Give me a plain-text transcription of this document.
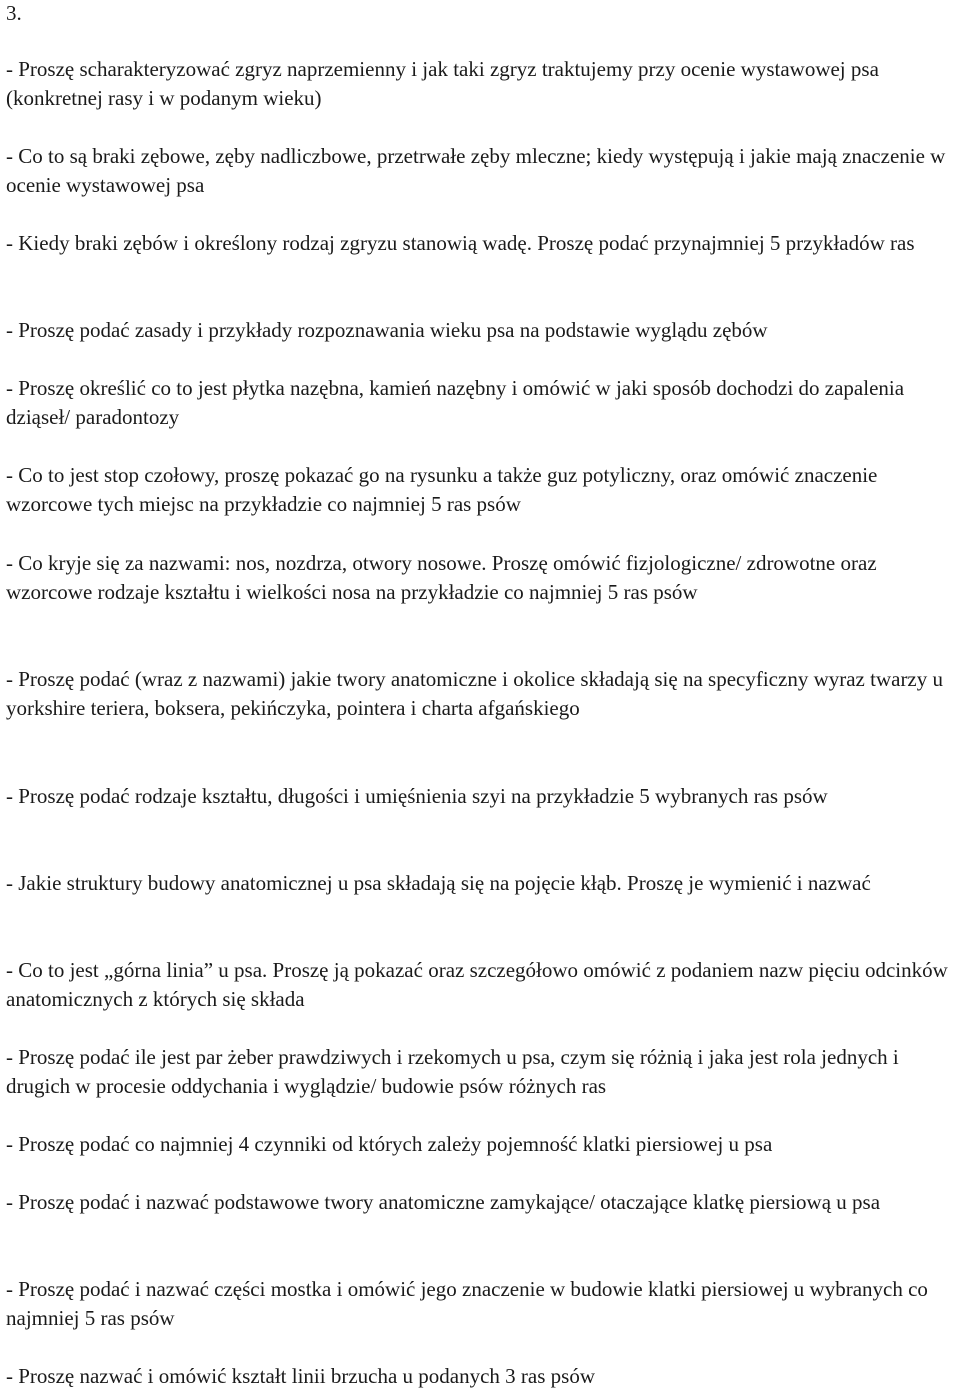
3.

- Proszę scharakteryzować zgryz naprzemienny i jak taki zgryz traktujemy przy ocenie wystawowej psa (konkretnej rasy i w podanym wieku)

- Co to są braki zębowe, zęby nadliczbowe, przetrwałe zęby mleczne; kiedy występują i jakie mają znaczenie w ocenie wystawowej psa

- Kiedy braki zębów i określony rodzaj zgryzu stanowią wadę. Proszę podać przynajmniej 5 przykładów ras

- Proszę podać zasady i przykłady rozpoznawania wieku psa na podstawie wyglądu zębów

- Proszę określić co to jest płytka nazębna, kamień nazębny i omówić w jaki sposób dochodzi do zapalenia dziąseł/ paradontozy

- Co to jest stop czołowy, proszę pokazać go na rysunku a także guz potyliczny, oraz omówić znaczenie wzorcowe tych miejsc na przykładzie co najmniej 5 ras psów

- Co kryje się za nazwami: nos, nozdrza, otwory nosowe. Proszę omówić fizjologiczne/ zdrowotne oraz wzorcowe rodzaje kształtu i wielkości nosa na przykładzie co najmniej 5 ras psów

- Proszę podać (wraz z nazwami) jakie twory anatomiczne i okolice składają się na specyficzny wyraz twarzy u yorkshire teriera, boksera, pekińczyka, pointera i charta afgańskiego

- Proszę podać rodzaje kształtu, długości i umięśnienia szyi na przykładzie 5 wybranych ras psów

- Jakie struktury budowy anatomicznej u psa składają się na pojęcie kłąb. Proszę je wymienić i nazwać

- Co to jest „górna linia” u psa. Proszę ją pokazać oraz szczegółowo omówić z podaniem nazw pięciu odcinków anatomicznych z których się składa

- Proszę podać ile jest par żeber prawdziwych i rzekomych u psa, czym się różnią i jaka jest rola jednych i drugich w procesie oddychania i wyglądzie/ budowie psów różnych ras

- Proszę podać co najmniej 4 czynniki od których zależy pojemność klatki piersiowej u psa

- Proszę podać i nazwać podstawowe twory anatomiczne zamykające/ otaczające klatkę piersiową u psa

- Proszę podać i nazwać części mostka i omówić jego znaczenie w budowie klatki piersiowej u wybranych co najmniej 5 ras psów

- Proszę nazwać i omówić kształt linii brzucha u podanych 3 ras psów
